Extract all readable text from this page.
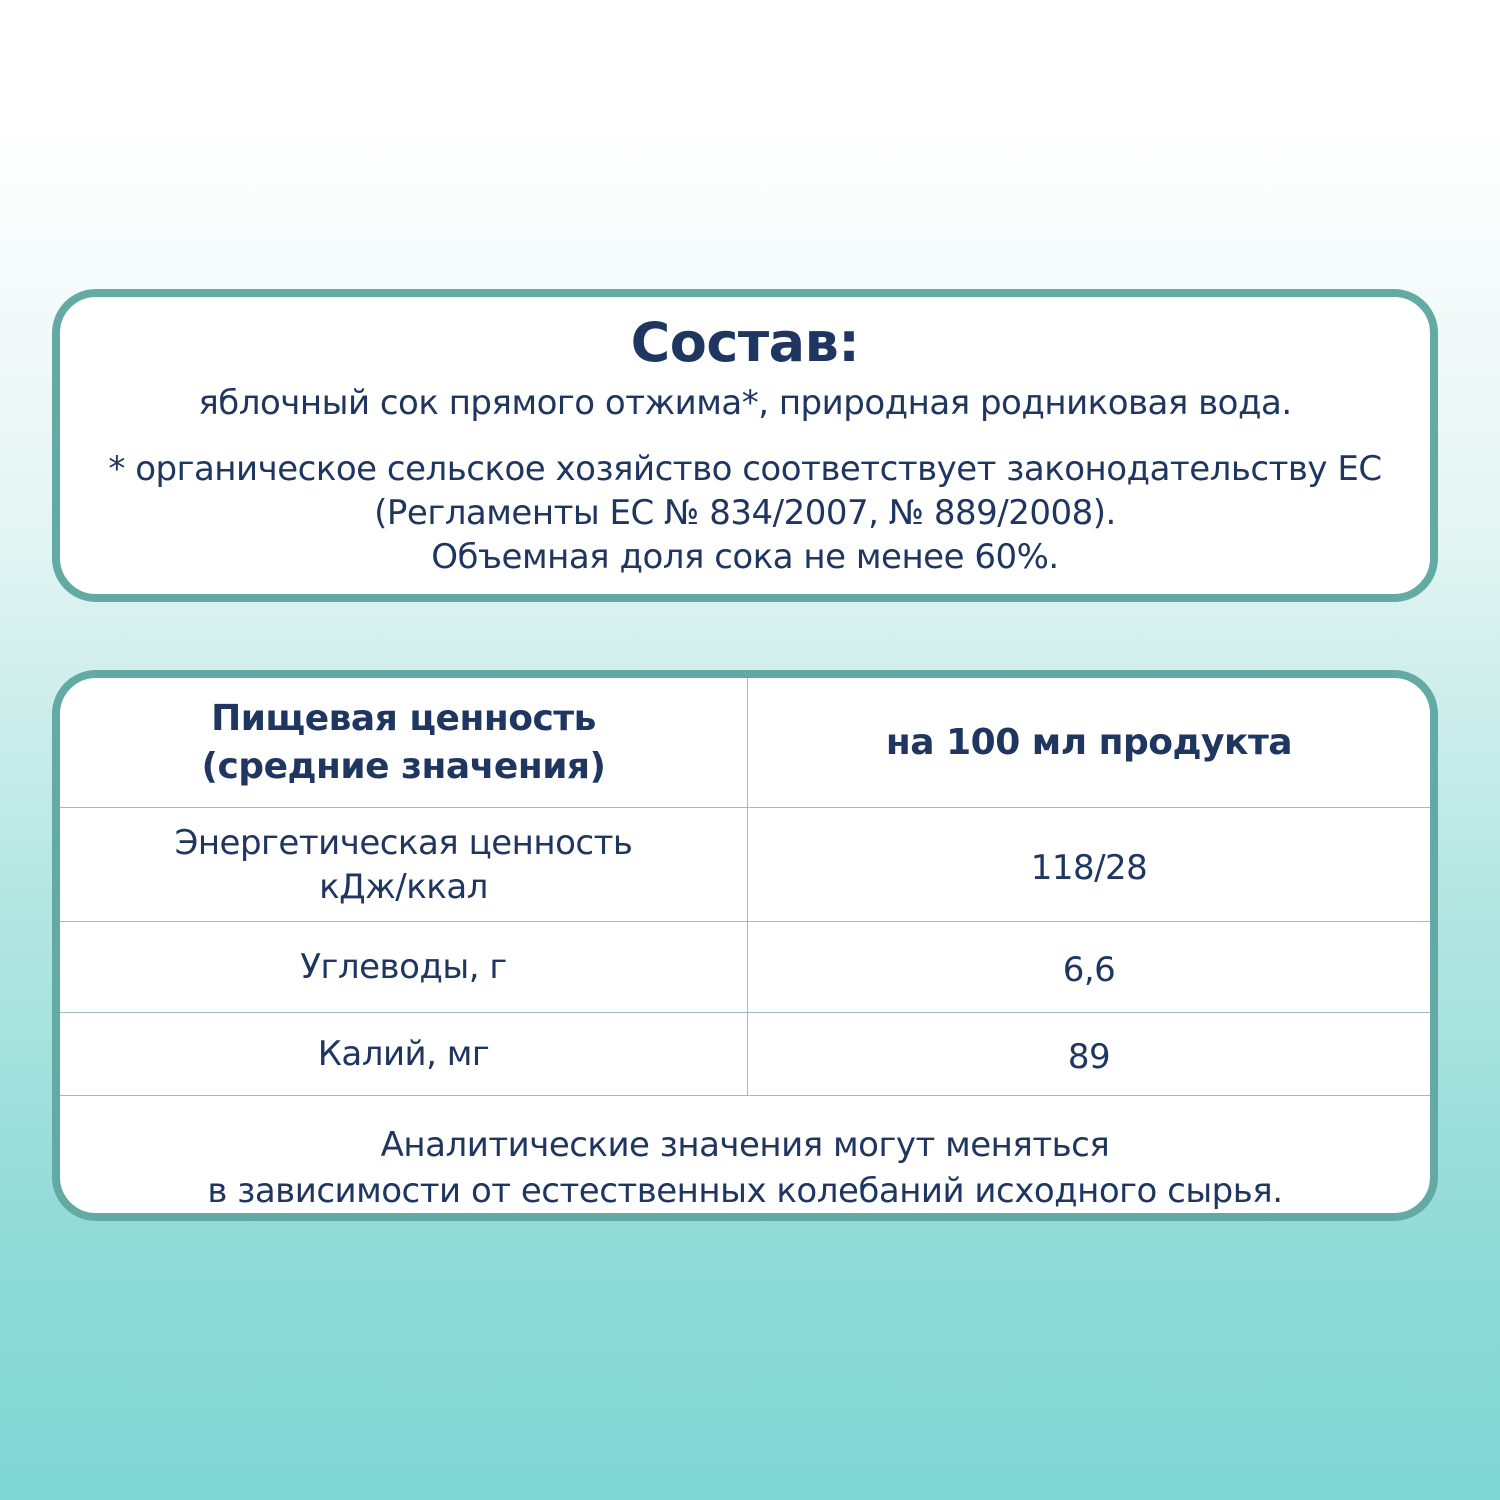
Состав:
яблочный сок прямого отжима*, природная родниковая вода.
* органическое сельское хозяйство соответствует законодательству ЕС
(Регламенты ЕС № 834/2007, № 889/2008).
Объемная доля сока не менее 60%.
Пищевая ценность
(средние значения)	на 100 мл продукта

Энергетическая ценность
кДж/ккал	118/28
Углеводы, г	6,6
Калий, мг	89
Аналитические значения могут меняться
в зависимости от естественных колебаний исходного сырья.
